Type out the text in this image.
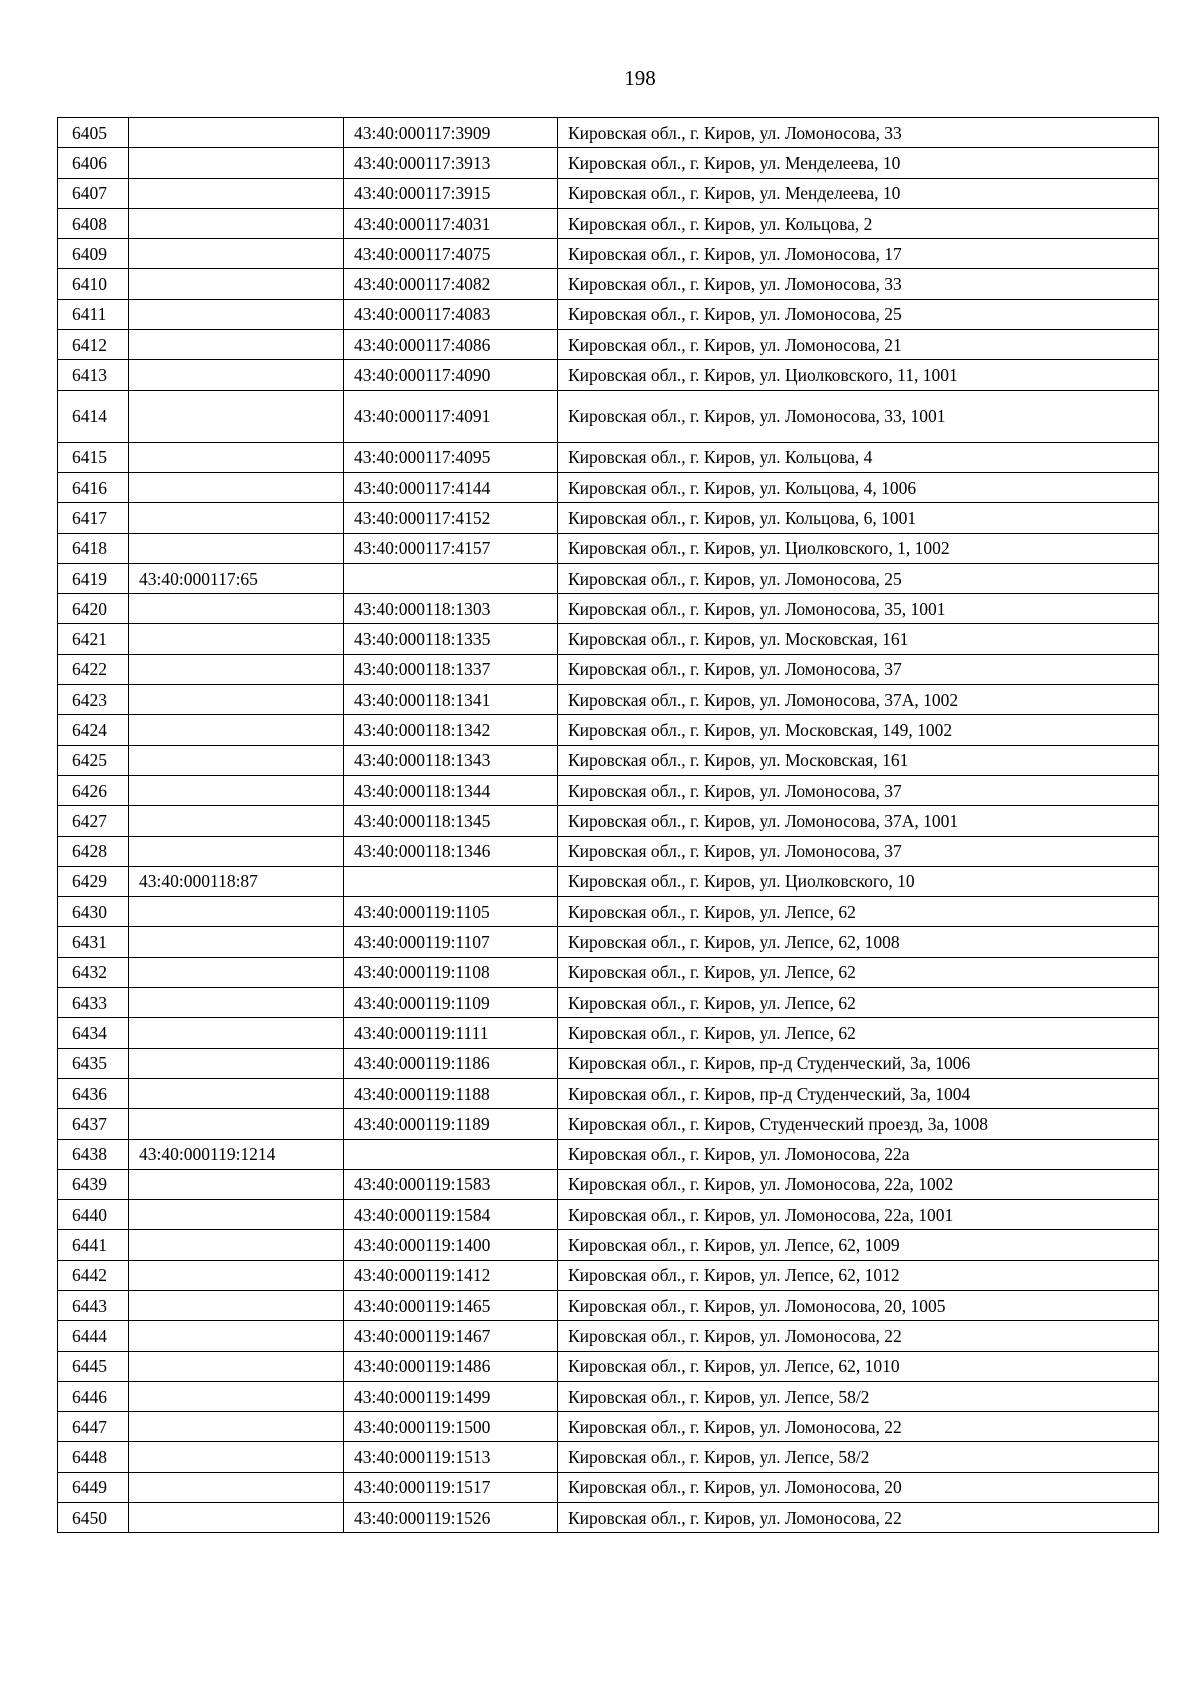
198
6405		43:40:000117:3909	Кировская обл., г. Киров, ул. Ломоносова, 33
6406		43:40:000117:3913	Кировская обл., г. Киров, ул. Менделеева, 10
6407		43:40:000117:3915	Кировская обл., г. Киров, ул. Менделеева, 10
6408		43:40:000117:4031	Кировская обл., г. Киров, ул. Кольцова, 2
6409		43:40:000117:4075	Кировская обл., г. Киров, ул. Ломоносова, 17
6410		43:40:000117:4082	Кировская обл., г. Киров, ул. Ломоносова, 33
6411		43:40:000117:4083	Кировская обл., г. Киров, ул. Ломоносова, 25
6412		43:40:000117:4086	Кировская обл., г. Киров, ул. Ломоносова, 21
6413		43:40:000117:4090	Кировская обл., г. Киров, ул. Циолковского, 11, 1001
6414		43:40:000117:4091	Кировская обл., г. Киров, ул. Ломоносова, 33, 1001
6415		43:40:000117:4095	Кировская обл., г. Киров, ул. Кольцова, 4
6416		43:40:000117:4144	Кировская обл., г. Киров, ул. Кольцова, 4, 1006
6417		43:40:000117:4152	Кировская обл., г. Киров, ул. Кольцова, 6, 1001
6418		43:40:000117:4157	Кировская обл., г. Киров, ул. Циолковского, 1, 1002
6419	43:40:000117:65		Кировская обл., г. Киров, ул. Ломоносова, 25
6420		43:40:000118:1303	Кировская обл., г. Киров, ул. Ломоносова, 35, 1001
6421		43:40:000118:1335	Кировская обл., г. Киров, ул. Московская, 161
6422		43:40:000118:1337	Кировская обл., г. Киров, ул. Ломоносова, 37
6423		43:40:000118:1341	Кировская обл., г. Киров, ул. Ломоносова, 37А, 1002
6424		43:40:000118:1342	Кировская обл., г. Киров, ул. Московская, 149, 1002
6425		43:40:000118:1343	Кировская обл., г. Киров, ул. Московская, 161
6426		43:40:000118:1344	Кировская обл., г. Киров, ул. Ломоносова, 37
6427		43:40:000118:1345	Кировская обл., г. Киров, ул. Ломоносова, 37А, 1001
6428		43:40:000118:1346	Кировская обл., г. Киров, ул. Ломоносова, 37
6429	43:40:000118:87		Кировская обл., г. Киров, ул. Циолковского, 10
6430		43:40:000119:1105	Кировская обл., г. Киров, ул. Лепсе, 62
6431		43:40:000119:1107	Кировская обл., г. Киров, ул. Лепсе, 62, 1008
6432		43:40:000119:1108	Кировская обл., г. Киров, ул. Лепсе, 62
6433		43:40:000119:1109	Кировская обл., г. Киров, ул. Лепсе, 62
6434		43:40:000119:1111	Кировская обл., г. Киров, ул. Лепсе, 62
6435		43:40:000119:1186	Кировская обл., г. Киров, пр-д Студенческий, 3а, 1006
6436		43:40:000119:1188	Кировская обл., г. Киров, пр-д Студенческий, 3а, 1004
6437		43:40:000119:1189	Кировская обл., г. Киров, Студенческий проезд, 3а, 1008
6438	43:40:000119:1214		Кировская обл., г. Киров, ул. Ломоносова, 22а
6439		43:40:000119:1583	Кировская обл., г. Киров, ул. Ломоносова, 22а, 1002
6440		43:40:000119:1584	Кировская обл., г. Киров, ул. Ломоносова, 22а, 1001
6441		43:40:000119:1400	Кировская обл., г. Киров, ул. Лепсе, 62, 1009
6442		43:40:000119:1412	Кировская обл., г. Киров, ул. Лепсе, 62, 1012
6443		43:40:000119:1465	Кировская обл., г. Киров, ул. Ломоносова, 20, 1005
6444		43:40:000119:1467	Кировская обл., г. Киров, ул. Ломоносова, 22
6445		43:40:000119:1486	Кировская обл., г. Киров, ул. Лепсе, 62, 1010
6446		43:40:000119:1499	Кировская обл., г. Киров, ул. Лепсе, 58/2
6447		43:40:000119:1500	Кировская обл., г. Киров, ул. Ломоносова, 22
6448		43:40:000119:1513	Кировская обл., г. Киров, ул. Лепсе, 58/2
6449		43:40:000119:1517	Кировская обл., г. Киров, ул. Ломоносова, 20
6450		43:40:000119:1526	Кировская обл., г. Киров, ул. Ломоносова, 22
